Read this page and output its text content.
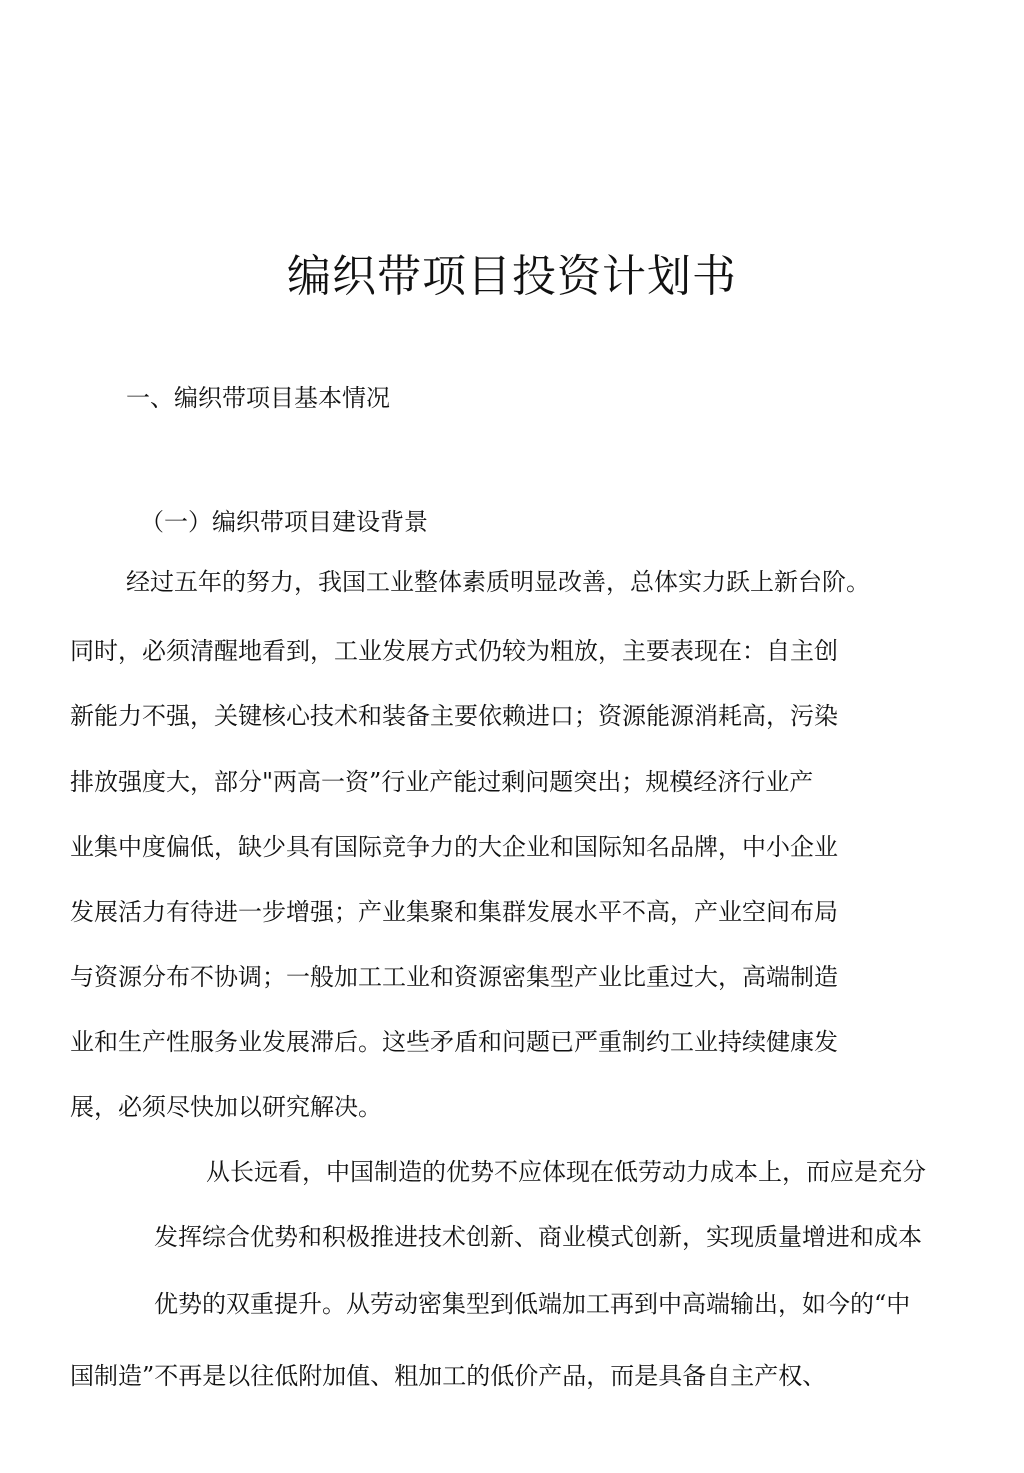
编织带项目投资计划书
一、编织带项目基本情况
（一）编织带项目建设背景
经过五年的努力，我国工业整体素质明显改善，总体实力跃上新台阶。
同时，必须清醒地看到，工业发展方式仍较为粗放，主要表现在：自主创
新能力不强，关键核心技术和装备主要依赖进口；资源能源消耗高，污染
排放强度大，部分"两高一资”行业产能过剩问题突出；规模经济行业产
业集中度偏低，缺少具有国际竞争力的大企业和国际知名品牌，中小企业
发展活力有待进一步增强；产业集聚和集群发展水平不高，产业空间布局
与资源分布不协调；一般加工工业和资源密集型产业比重过大，高端制造
业和生产性服务业发展滞后。这些矛盾和问题已严重制约工业持续健康发
展，必须尽快加以研究解决。
从长远看，中国制造的优势不应体现在低劳动力成本上，而应是充分
发挥综合优势和积极推进技术创新、商业模式创新，实现质量增进和成本
优势的双重提升。从劳动密集型到低端加工再到中高端输出，如今的“中
国制造”不再是以往低附加值、粗加工的低价产品，而是具备自主产权、
